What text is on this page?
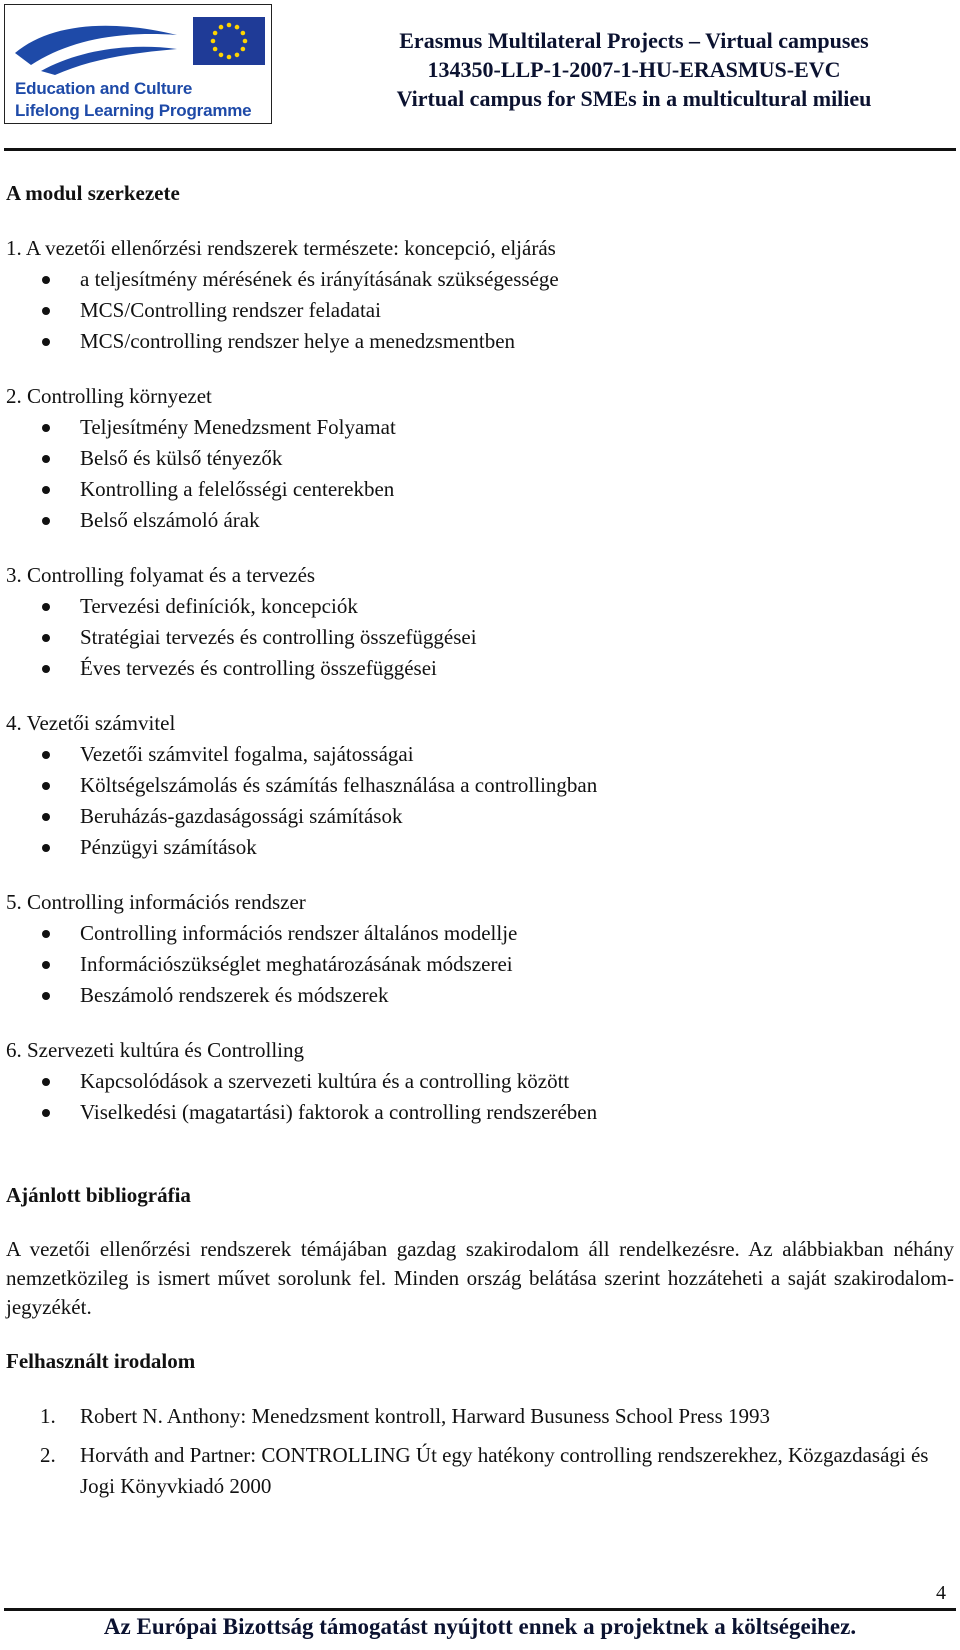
Education and Culture
Lifelong Learning Programme
Erasmus Multilateral Projects – Virtual campuses
134350-LLP-1-2007-1-HU-ERASMUS-EVC
Virtual campus for SMEs in a multicultural milieu

A modul szerkezete

1. A vezetői ellenőrzési rendszerek természete: koncepció, eljárás

a teljesítmény mérésének és irányításának szükségessége
MCS/Controlling rendszer feladatai
MCS/controlling rendszer helye a menedzsmentben

2. Controlling környezet

Teljesítmény Menedzsment Folyamat
Belső és külső tényezők
Kontrolling a felelősségi centerekben
Belső elszámoló árak

3. Controlling folyamat és a tervezés

Tervezési definíciók, koncepciók
Stratégiai tervezés és controlling összefüggései
Éves tervezés és controlling összefüggései

4. Vezetői számvitel

Vezetői számvitel fogalma, sajátosságai
Költségelszámolás és számítás felhasználása a controllingban
Beruházás-gazdaságossági számítások
Pénzügyi számítások

5. Controlling információs rendszer

Controlling információs rendszer általános modellje
Információszükséglet meghatározásának módszerei
Beszámoló rendszerek és módszerek

6. Szervezeti kultúra és Controlling

Kapcsolódások a szervezeti kultúra és a controlling között
Viselkedési (magatartási) faktorok a controlling rendszerében

Ajánlott bibliográfia

A vezetői ellenőrzési rendszerek témájában gazdag szakirodalom áll rendelkezésre. Az alábbiakban néhány nemzetközileg is ismert művet sorolunk fel. Minden ország belátása szerint hozzáteheti a saját szakirodalom-jegyzékét.

Felhasznált irodalom

1. Robert N. Anthony: Menedzsment kontroll, Harward Busuness School Press 1993
2. Horváth and Partner: CONTROLLING Út egy hatékony controlling rendszerekhez, Közgazdasági és Jogi Könyvkiadó 2000
4
Az Európai Bizottság támogatást nyújtott ennek a projektnek a költségeihez.
